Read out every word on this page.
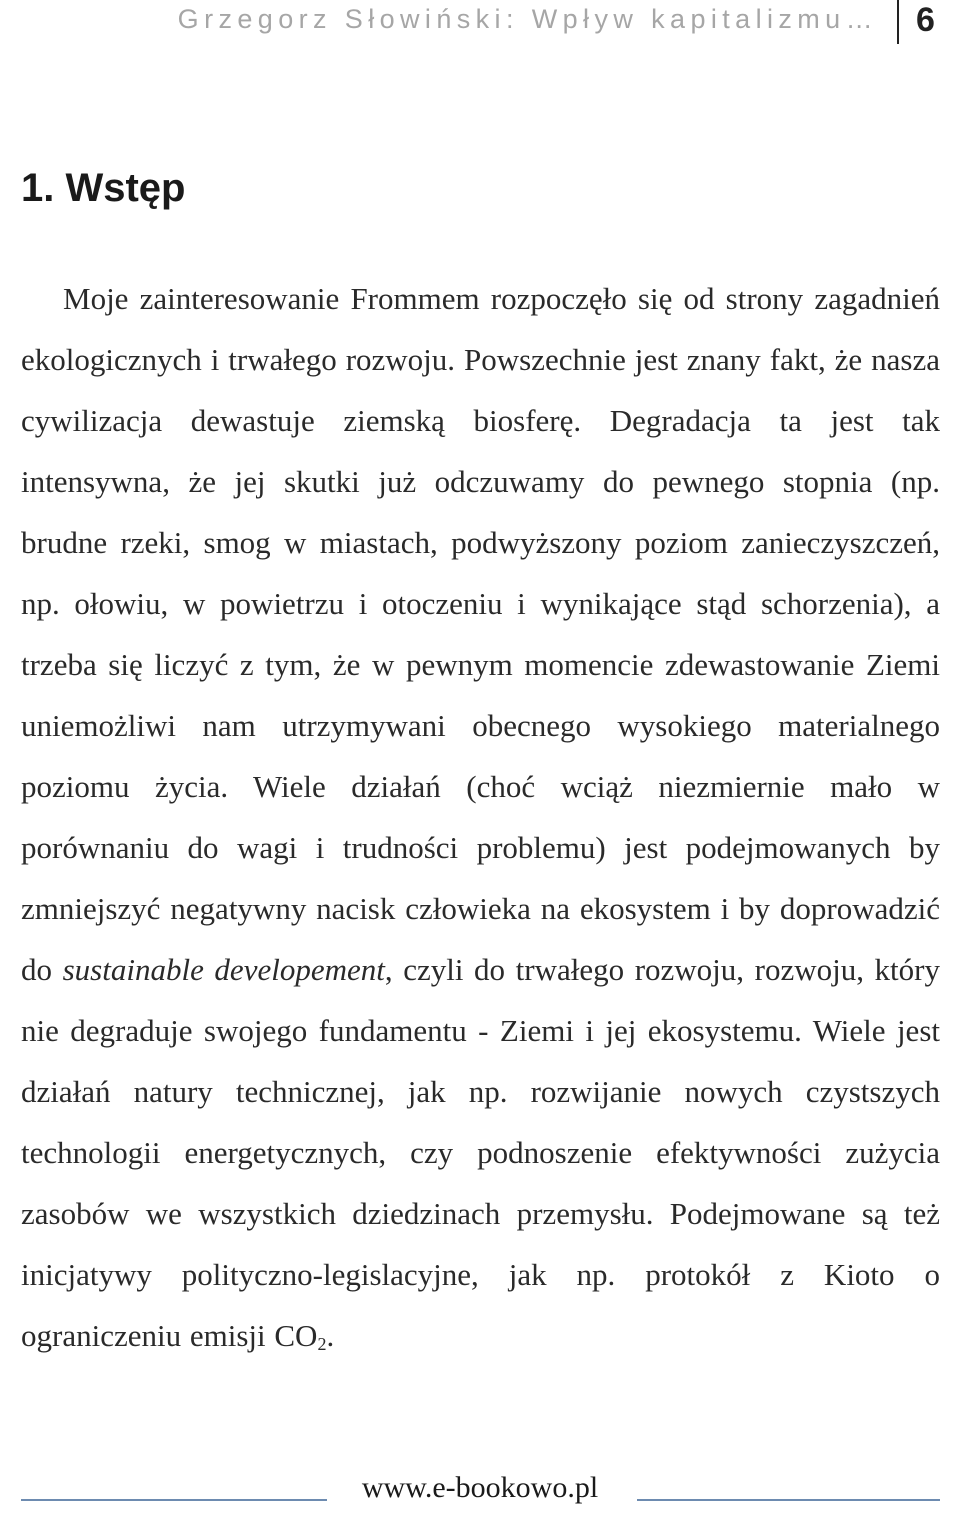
Grzegorz Słowiński: Wpływ kapitalizmu… 6
1. Wstęp

Moje zainteresowanie Frommem rozpoczęło się od strony zagadnień ekologicznych i trwałego rozwoju. Powszechnie jest znany fakt, że nasza cywilizacja dewastuje ziemską biosferę. Degradacja ta jest tak intensywna, że jej skutki już odczuwamy do pewnego stopnia (np. brudne rzeki, smog w miastach, podwyższony poziom zanieczyszczeń, np. ołowiu, w powietrzu i otoczeniu i wynikające stąd schorzenia), a trzeba się liczyć z tym, że w pewnym momencie zdewastowanie Ziemi uniemożliwi nam utrzymywani obecnego wysokiego materialnego poziomu życia. Wiele działań (choć wciąż niezmiernie mało w porównaniu do wagi i trudności problemu) jest podejmowanych by zmniejszyć negatywny nacisk człowieka na ekosystem i by doprowadzić do sustainable developement, czyli do trwałego rozwoju, rozwoju, który nie degraduje swojego fundamentu - Ziemi i jej ekosystemu. Wiele jest działań natury technicznej, jak np. rozwijanie nowych czystszych technologii energetycznych, czy podnoszenie efektywności zużycia zasobów we wszystkich dziedzinach przemysłu. Podejmowane są też inicjatywy polityczno-legislacyjne, jak np. protokół z Kioto o ograniczeniu emisji $CO_2$.

www.e-bookowo.pl
